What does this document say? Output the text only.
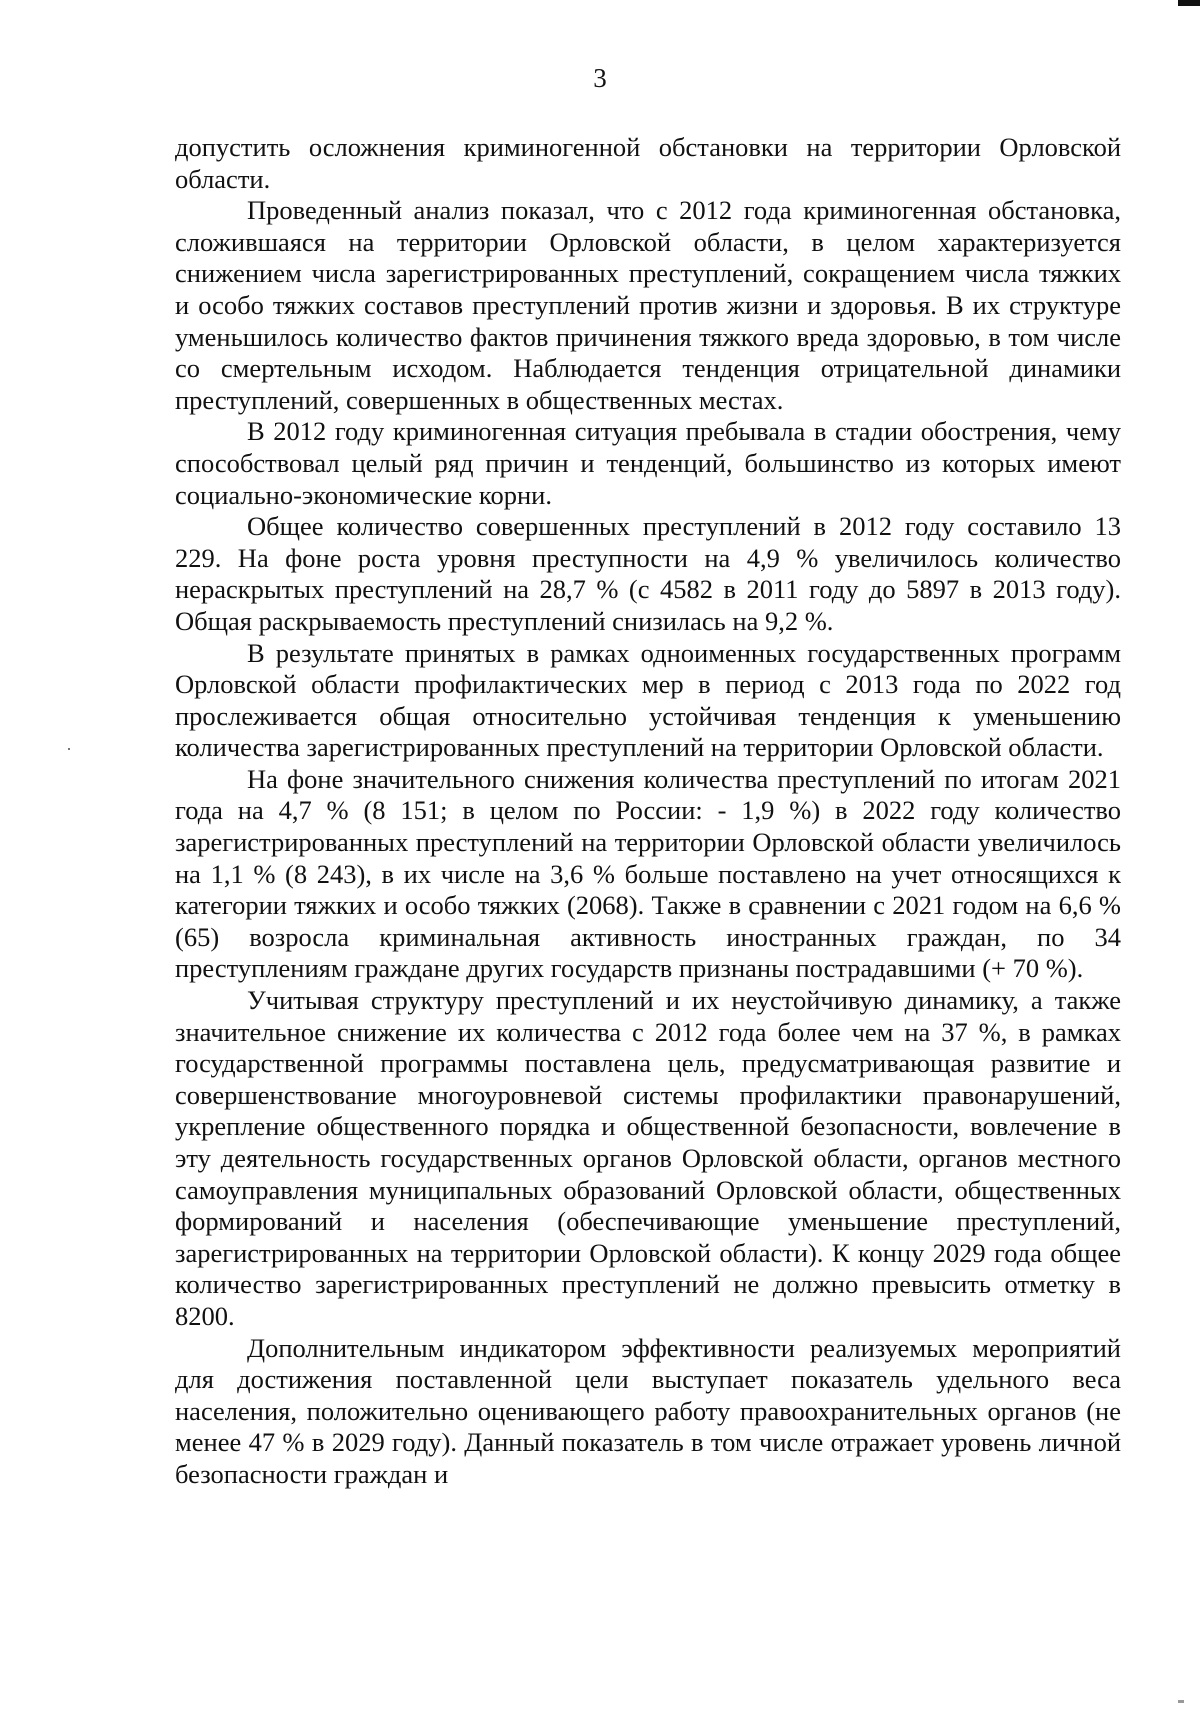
3

допустить осложнения криминогенной обстановки на территории Орловской области.

Проведенный анализ показал, что с 2012 года криминогенная обстановка, сложившаяся на территории Орловской области, в целом характеризуется снижением числа зарегистрированных преступлений, сокращением числа тяжких и особо тяжких составов преступлений против жизни и здоровья. В их структуре уменьшилось количество фактов причинения тяжкого вреда здоровью, в том числе со смертельным исходом. Наблюдается тенденция отрицательной динамики преступлений, совершенных в общественных местах.

В 2012 году криминогенная ситуация пребывала в стадии обострения, чему способствовал целый ряд причин и тенденций, большинство из которых имеют социально-экономические корни.

Общее количество совершенных преступлений в 2012 году составило 13 229. На фоне роста уровня преступности на 4,9 % увеличилось количество нераскрытых преступлений на 28,7 % (с 4582 в 2011 году до 5897 в 2013 году). Общая раскрываемость преступлений снизилась на 9,2 %.

В результате принятых в рамках одноименных государственных программ Орловской области профилактических мер в период с 2013 года по 2022 год прослеживается общая относительно устойчивая тенденция к уменьшению количества зарегистрированных преступлений на территории Орловской области.

На фоне значительного снижения количества преступлений по итогам 2021 года на 4,7 % (8 151; в целом по России: - 1,9 %) в 2022 году количество зарегистрированных преступлений на территории Орловской области увеличилось на 1,1 % (8 243), в их числе на 3,6 % больше поставлено на учет относящихся к категории тяжких и особо тяжких (2068). Также в сравнении с 2021 годом на 6,6 % (65) возросла криминальная активность иностранных граждан, по 34 преступлениям граждане других государств признаны пострадавшими (+ 70 %).

Учитывая структуру преступлений и их неустойчивую динамику, а также значительное снижение их количества с 2012 года более чем на 37 %, в рамках государственной программы поставлена цель, предусматривающая развитие и совершенствование многоуровневой системы профилактики правонарушений, укрепление общественного порядка и общественной безопасности, вовлечение в эту деятельность государственных органов Орловской области, органов местного самоуправления муниципальных образований Орловской области, общественных формирований и населения (обеспечивающие уменьшение преступлений, зарегистрированных на территории Орловской области). К концу 2029 года общее количество зарегистрированных преступлений не должно превысить отметку в 8200.

Дополнительным индикатором эффективности реализуемых мероприятий для достижения поставленной цели выступает показатель удельного веса населения, положительно оценивающего работу правоохранительных органов (не менее 47 % в 2029 году). Данный показатель в том числе отражает уровень личной безопасности граждан и
